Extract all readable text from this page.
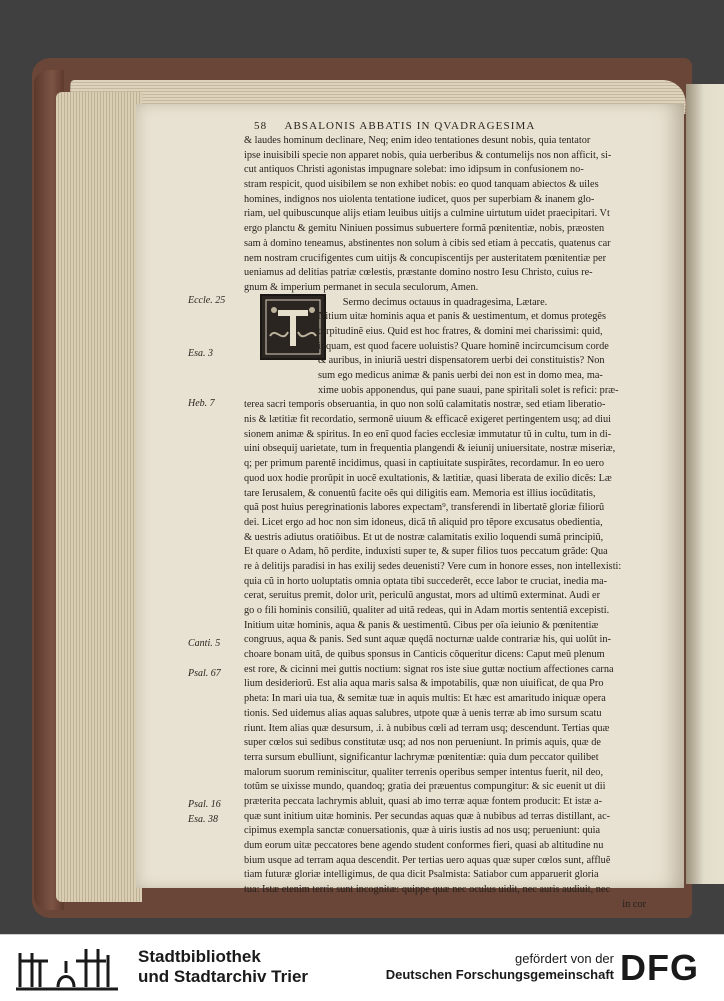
58 ABSALONIS ABBATIS IN QVADRAGESIMA
& laudes hominum declinare, Neq; enim ideo tentationes desunt nobis, quia tentator
ipse inuisibili specie non apparet nobis, quia uerberibus & contumelijs nos non afficit, si-
cut antiquos Christi agonistas impugnare solebat: imo idipsum in confusionem no-
stram respicit, quod uisibilem se non exhibet nobis: eo quod tanquam abiectos & uiles
homines, indignos nos uiolenta tentatione iudicet, quos per superbiam & inanem glo-
riam, uel quibuscunque alijs etiam leuibus uitijs a culmine uirtutum uidet praecipitari. Vt
ergo planctu & gemitu Niniuen possimus subuertere formã pœnitentiæ, nobis, præosten
sam à domino teneamus, abstinentes non solum à cibis sed etiam à peccatis, quatenus car
nem nostram crucifigentes cum uitijs & concupiscentijs per austeritatem pœnitentiæ per
ueniamus ad delitias patriæ cœlestis, præstante domino nostro Iesu Christo, cuius re-
gnum & imperium permanet in secula seculorum, Amen.
Sermo decimus octauus in quadragesima, Lætare.
Nitium uitæ hominis aqua et panis & uestimentum, et domus protegẽs
turpitudinẽ eius. Quid est hoc fratres, & domini mei charissimi: quid,
inquam, est quod facere uoluistis? Quare hominẽ incircumcisum corde
& auribus, in iniuriã uestri dispensatorem uerbi dei constituistis? Non
sum ego medicus animæ & panis uerbi dei non est in domo mea, ma-
xime uobis apponendus, qui pane suaui, pane spiritali solet is refici: præ-
terea sacri temporis obseruantia, in quo non solũ calamitatis nostræ, sed etiam liberatio-
nis & lætitiæ fit recordatio, sermonẽ uiuum & efficacẽ exigeret pertingentem usq; ad diui
sionem animæ & spiritus. In eo enĩ quod facies ecclesiæ immutatur tũ in cultu, tum in di-
uini obsequij uarietate, tum in frequentia plangendi & ieiunij uniuersitate, nostræ miseriæ,
q; per primum parentẽ incidimus, quasi in captiuitate suspirãtes, recordamur. In eo uero
quod uox hodie prorũpit in uocẽ exultationis, & lætitiæ, quasi liberata de exilio dicẽs: Læ
tare Ierusalem, & conuentũ facite oẽs qui diligitis eam. Memoria est illius iocũditatis,
quã post huius peregrinationis labores expectam⁹, transferendi in libertatẽ gloriæ filiorũ
dei. Licet ergo ad hoc non sim idoneus, dicã tñ aliquid pro tẽpore excusatus obedientia,
& uestris adiutus oratiõibus. Et ut de nostræ calamitatis exilio loquendi sumã principiũ,
Et quare o Adam, hõ perdite, induxisti super te, & super filios tuos peccatum grãde: Qua
re à delitijs paradisi in has exilij sedes deuenisti? Vere cum in honore esses, non intellexisti:
quia cũ in horto uoluptatis omnia optata tibi succederẽt, ecce labor te cruciat, inedia ma-
cerat, seruitus premit, dolor urit, periculũ angustat, mors ad ultimũ exterminat. Audi er
go o fili hominis consiliũ, qualiter ad uitã redeas, qui in Adam mortis sententiã excepisti.
Initium uitæ hominis, aqua & panis & uestimentũ. Cibus per oĩa ieiunio & pœnitentiæ
congruus, aqua & panis. Sed sunt aquæ quędã nocturnæ ualde contrariæ his, qui uolũt in-
choare bonam uitã, de quibus sponsus in Canticis cõqueritur dicens: Caput meũ plenum
est rore, & cicinni mei guttis noctium: signat ros iste siue guttæ noctium affectiones carna
lium desideriorũ. Est alia aqua maris salsa & impotabilis, quæ non uiuificat, de qua Pro
pheta: In mari uia tua, & semitæ tuæ in aquis multis: Et hæc est amaritudo iniquæ opera
tionis. Sed uidemus alias aquas salubres, utpote quæ à uenis terræ ab imo sursum scatu
riunt. Item alias quæ desursum, .i. à nubibus cœli ad terram usq; descendunt. Tertias quæ
super cœlos sui sedibus constitutæ usq; ad nos non perueniunt. In primis aquis, quæ de
terra sursum ebulliunt, significantur lachrymæ pœnitentiæ: quia dum peccator quilibet
malorum suorum reminiscitur, qualiter terrenis operibus semper intentus fuerit, nil deo,
totũm se uixisse mundo, quandoq; gratia dei præuentus compungitur: & sic euenit ut dii
præterita peccata lachrymis abluit, quasi ab imo terræ aquæ fontem producit: Et istæ a-
quæ sunt initium uitæ hominis. Per secundas aquas quæ à nubibus ad terras distillant, ac-
cipimus exempla sanctæ conuersationis, quæ à uiris iustis ad nos usq; perueniunt: quia
dum eorum uitæ peccatores bene agendo student conformes fieri, quasi ab altitudine nu
bium usque ad terram aqua descendit. Per tertias uero aquas quæ super cœlos sunt, affluẽ
tiam futuræ gloriæ intelligimus, de qua dicit Psalmista: Satiabor cum apparuerit gloria
tua: Istæ etenim terris sunt incognitæ: quippe quæ nec oculus uidit, nec auris audiuit, nec
in cor
Eccle. 25
Esa. 3
Heb. 7
Canti. 5
Psal. 67
Psal. 16
Esa. 38
Stadtbibliothek
und Stadtarchiv Trier
gefördert von der
Deutschen Forschungsgemeinschaft DFG
